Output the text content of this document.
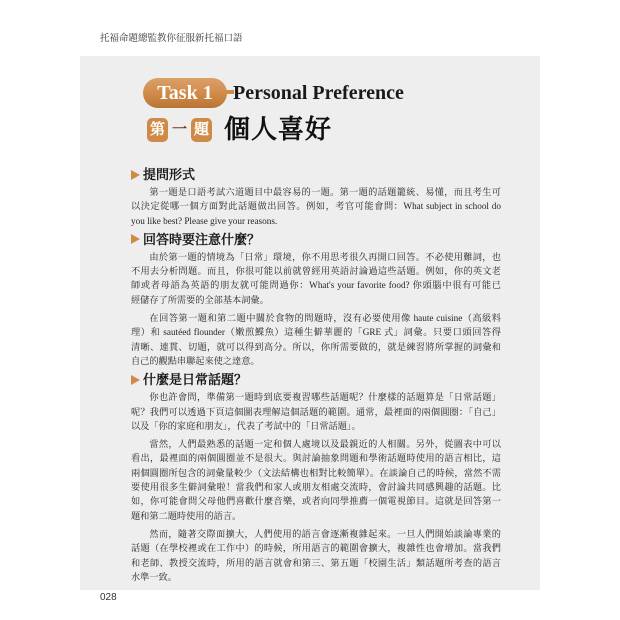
托福命題總監教你征服新托福口語
Task 1	Personal Preference
第 一 題 個人喜好
提問形式
第一題是口語考試六道題目中最容易的一題。第一題的話題籠統、易懂，而且考生可
以決定從哪一個方面對此話題做出回答。例如，考官可能會問：What subject in school do
you like best? Please give your reasons.
回答時要注意什麼？
由於第一題的情境為「日常」環境，你不用思考很久再開口回答。不必使用難詞，也
不用去分析問題。而且，你很可能以前就曾經用英語討論過這些話題。例如，你的英文老
師或者母語為英語的朋友就可能問過你：What's your favorite food? 你頭腦中很有可能已
經儲存了所需要的全部基本詞彙。
在回答第一題和第二題中關於食物的問題時，沒有必要使用像 haute cuisine（高級料
理）和 sautéed flounder（嫩煎鰈魚）這種生僻華麗的「GRE 式」詞彙。只要口頭回答得
清晰、連貫、切題，就可以得到高分。所以，你所需要做的，就是練習將所掌握的詞彙和
自己的觀點串聯起來使之達意。
什麼是日常話題？
你也許會問，準備第一題時到底要複習哪些話題呢？什麼樣的話題算是「日常話題」
呢？我們可以透過下頁這個圖表理解這個話題的範圍。通常，最裡面的兩個圓圈：「自己」
以及「你的家庭和朋友」，代表了考試中的「日常話題」。
當然，人們最熟悉的話題一定和個人處境以及最親近的人相關。另外，從圖表中可以
看出，最裡面的兩個圓圈並不是很大。與討論抽象問題和學術話題時使用的語言相比，這
兩個圓圈所包含的詞彙量較少（文法結構也相對比較簡單）。在談論自己的時候，當然不需
要使用很多生僻詞彙啦！當我們和家人或朋友相處交流時，會討論共同感興趣的話題。比
如，你可能會問父母他們喜歡什麼音樂，或者向同學推薦一個電視節目。這就是回答第一
題和第二題時使用的語言。
然而，隨著交際面擴大，人們使用的語言會逐漸複雜起來。一旦人們開始談論專業的
話題（在學校裡或在工作中）的時候，所用語言的範圍會擴大，複雜性也會增加。當我們
和老師、教授交流時，所用的語言就會和第三、第五題「校園生活」類話題所考查的語言
水準一致。
028
